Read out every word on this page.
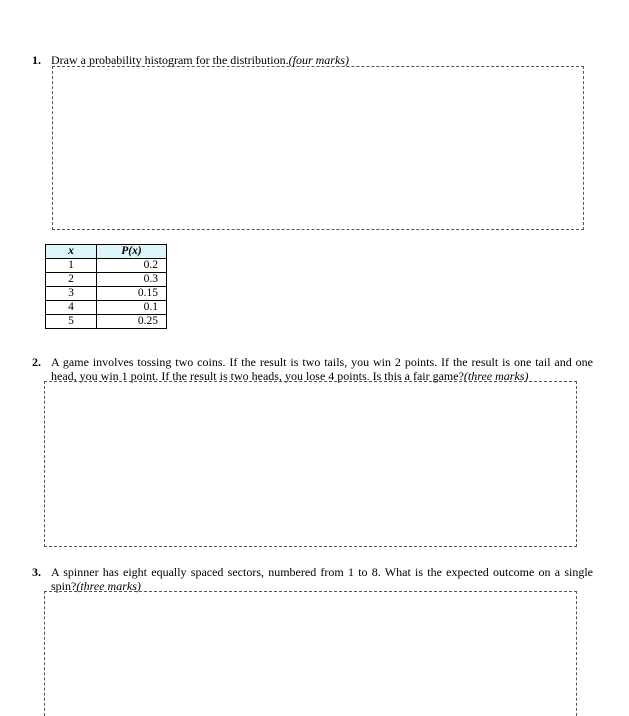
1. Draw a probability histogram for the distribution.(four marks)
x	P(x)
1	0.2
2	0.3
3	0.15
4	0.1
5	0.25
2. A game involves tossing two coins. If the result is two tails, you win 2 points. If the result is one tail and one head, you win 1 point. If the result is two heads, you lose 4 points. Is this a fair game?(three marks)
3. A spinner has eight equally spaced sectors, numbered from 1 to 8. What is the expected outcome on a single spin?(three marks)
